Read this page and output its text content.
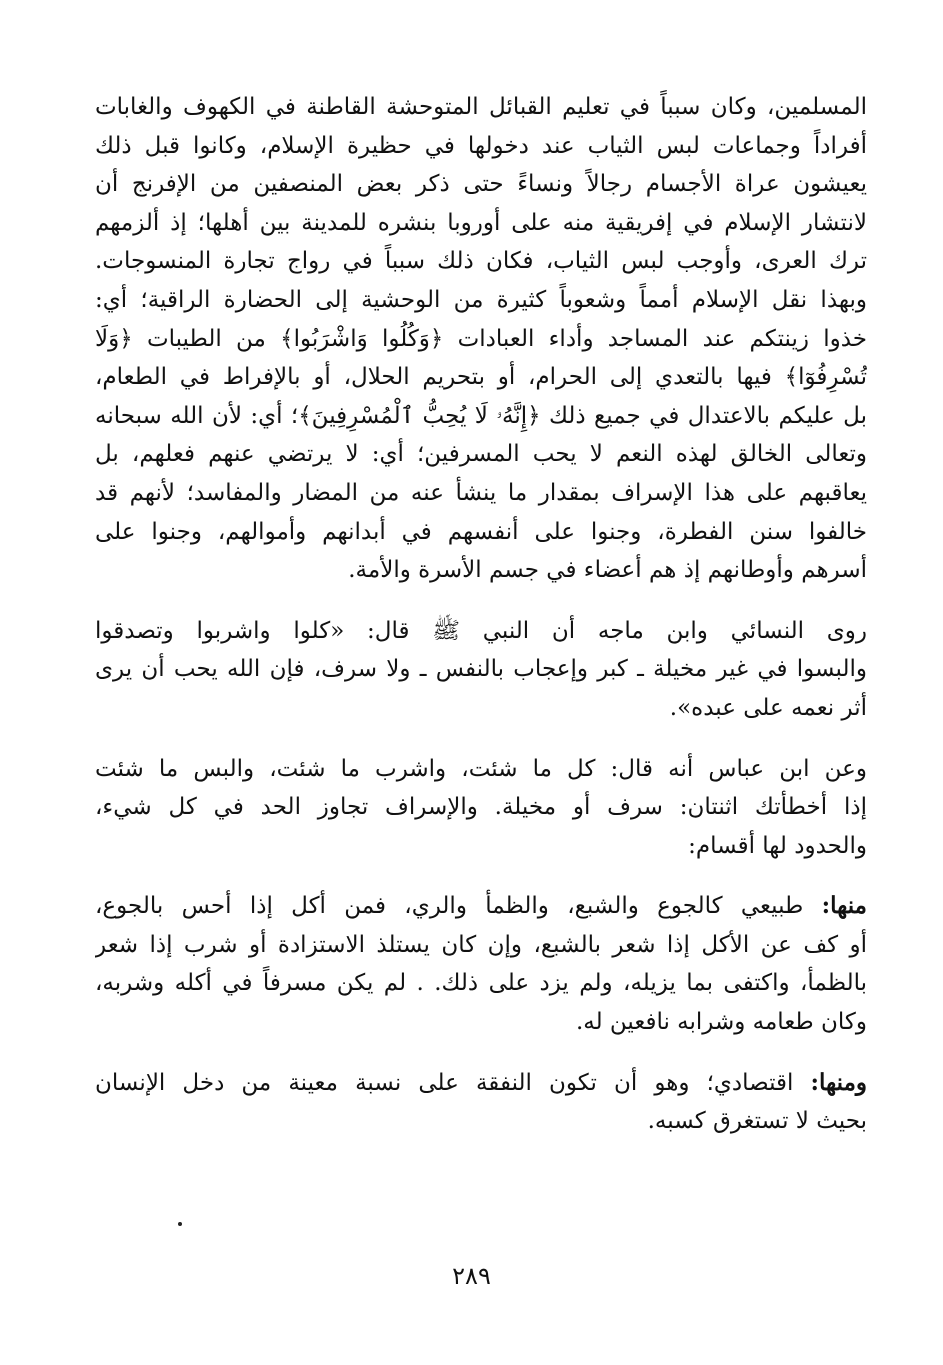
المسلمين، وكان سبباً في تعليم القبائل المتوحشة القاطنة في الكهوف والغابات
أفراداً وجماعات لبس الثياب عند دخولها في حظيرة الإسلام، وكانوا قبل ذلك
يعيشون عراة الأجسام رجالاً ونساءً حتى ذكر بعض المنصفين من الإفرنج أن
لانتشار الإسلام في إفريقية منه على أوروبا بنشره للمدينة بين أهلها؛ إذ ألزمهم
ترك العرى، وأوجب لبس الثياب، فكان ذلك سبباً في رواج تجارة المنسوجات.
وبهذا نقل الإسلام أمماً وشعوباً كثيرة من الوحشية إلى الحضارة الراقية؛ أي:
خذوا زينتكم عند المساجد وأداء العبادات ﴿وَكُلُوا وَاشْرَبُوا﴾ من الطيبات ﴿وَلَا
تُسْرِفُوٓا﴾ فيها بالتعدي إلى الحرام، أو بتحريم الحلال، أو بالإفراط في الطعام،
بل عليكم بالاعتدال في جميع ذلك ﴿إِنَّهُۥ لَا يُحِبُّ ٱلْمُسْرِفِينَ﴾؛ أي: لأن الله سبحانه
وتعالى الخالق لهذه النعم لا يحب المسرفين؛ أي: لا يرتضي عنهم فعلهم، بل
يعاقبهم على هذا الإسراف بمقدار ما ينشأ عنه من المضار والمفاسد؛ لأنهم قد
خالفوا سنن الفطرة، وجنوا على أنفسهم في أبدانهم وأموالهم، وجنوا على
أسرهم وأوطانهم إذ هم أعضاء في جسم الأسرة والأمة.
روى النسائي وابن ماجه أن النبي ﷺ قال: «كلوا واشربوا وتصدقوا
والبسوا في غير مخيلة ـ كبر وإعجاب بالنفس ـ ولا سرف، فإن الله يحب أن يرى
أثر نعمه على عبده».
وعن ابن عباس أنه قال: كل ما شئت، واشرب ما شئت، والبس ما شئت
إذا أخطأتك اثنتان: سرف أو مخيلة. والإسراف تجاوز الحد في كل شيء،
والحدود لها أقسام:
منها: طبيعي كالجوع والشبع، والظمأ والري، فمن أكل إذا أحس بالجوع،
أو كف عن الأكل إذا شعر بالشبع، وإن كان يستلذ الاستزادة أو شرب إذا شعر
بالظمأ، واكتفى بما يزيله، ولم يزد على ذلك. . لم يكن مسرفاً في أكله وشربه،
وكان طعامه وشرابه نافعين له.
ومنها: اقتصادي؛ وهو أن تكون النفقة على نسبة معينة من دخل الإنسان
بحيث لا تستغرق كسبه.
٢٨٩
